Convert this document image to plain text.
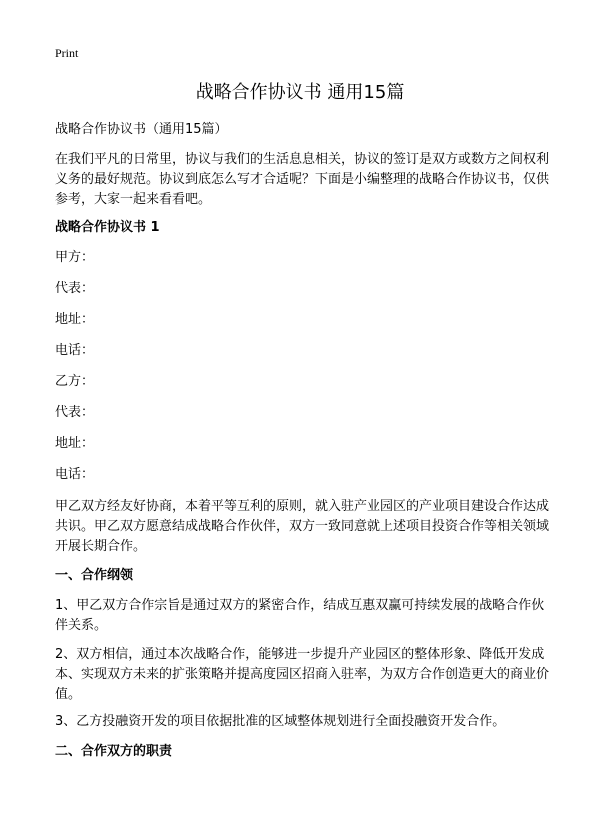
Print
战略合作协议书 通用15篇

战略合作协议书（通用15篇）

在我们平凡的日常里，协议与我们的生活息息相关，协议的签订是双方或数方之间权利义务的最好规范。协议到底怎么写才合适呢？下面是小编整理的战略合作协议书，仅供参考，大家一起来看看吧。

战略合作协议书 1

甲方：
代表：
地址：
电话：
乙方：
代表：
地址：
电话：

甲乙双方经友好协商，本着平等互利的原则，就入驻产业园区的产业项目建设合作达成共识。甲乙双方愿意结成战略合作伙伴，双方一致同意就上述项目投资合作等相关领域开展长期合作。

一、合作纲领

1、甲乙双方合作宗旨是通过双方的紧密合作，结成互惠双赢可持续发展的战略合作伙伴关系。

2、双方相信，通过本次战略合作，能够进一步提升产业园区的整体形象、降低开发成本、实现双方未来的扩张策略并提高度园区招商入驻率，为双方合作创造更大的商业价值。

3、乙方投融资开发的项目依据批准的区域整体规划进行全面投融资开发合作。

二、合作双方的职责
